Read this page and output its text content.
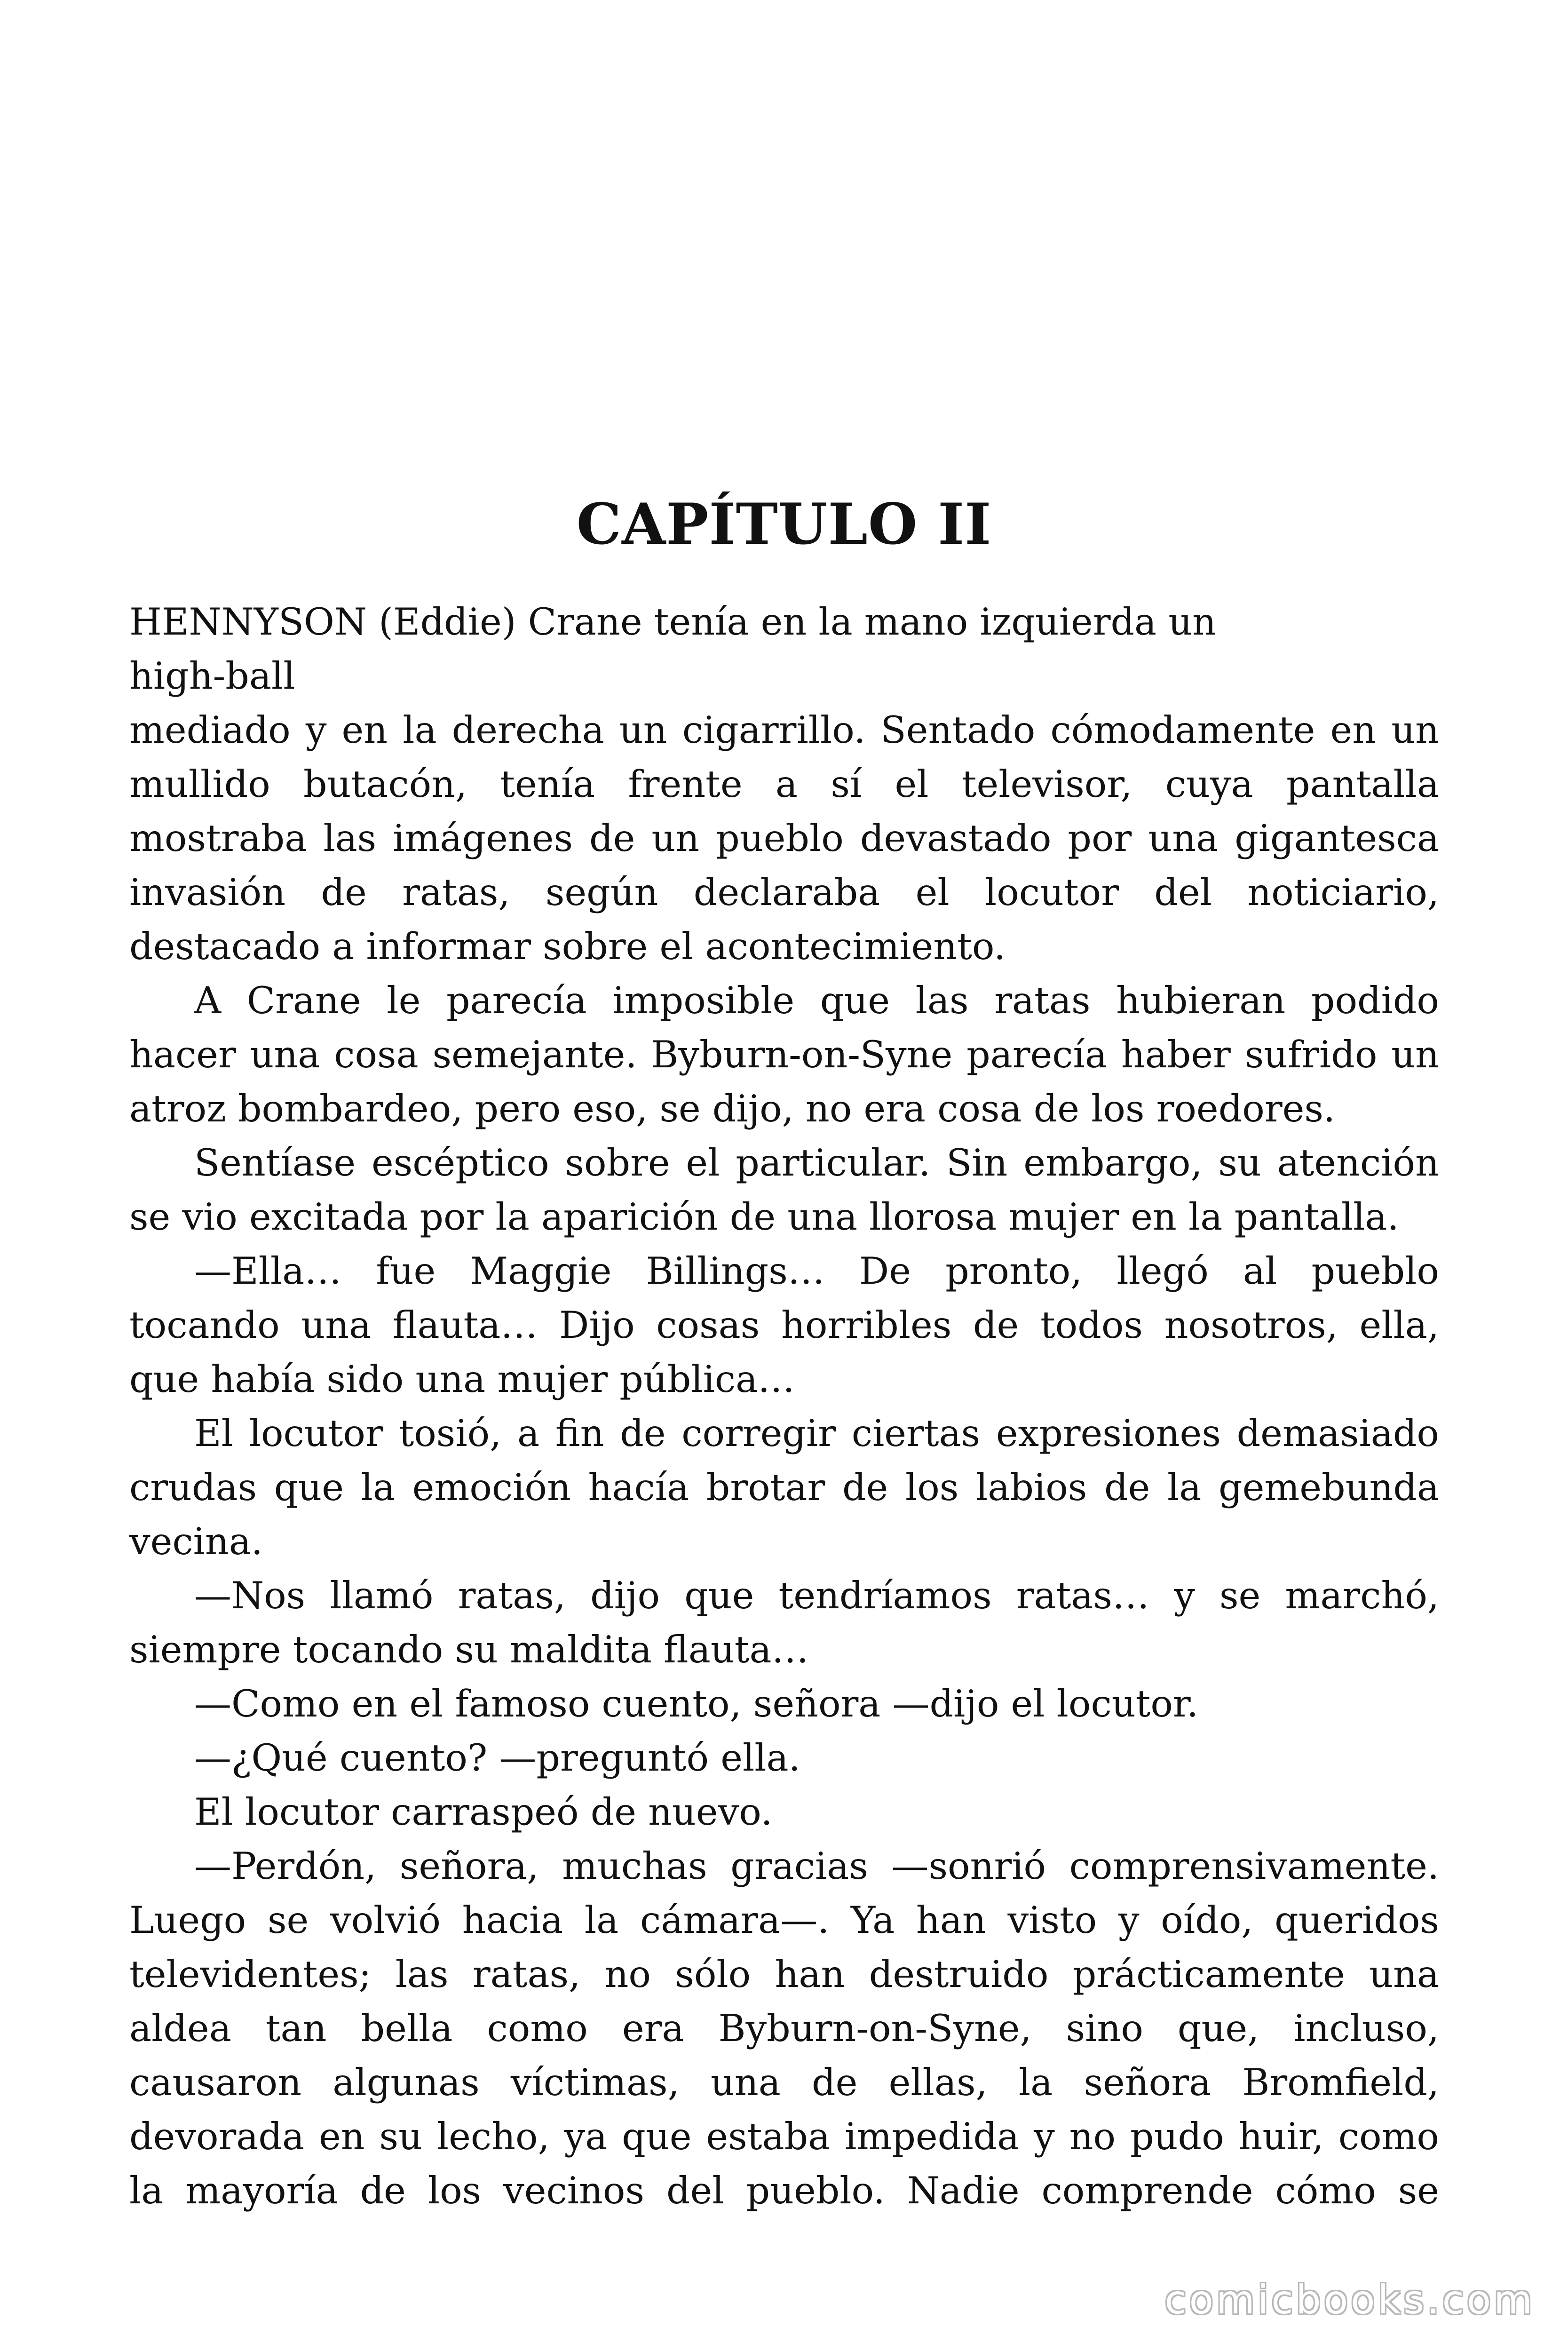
CAPÍTULO II
HENNYSON (Eddie) Crane tenía en la mano izquierda un
high-ball
mediado y en la derecha un cigarrillo. Sentado cómodamente en un
mullido butacón, tenía frente a sí el televisor, cuya pantalla
mostraba las imágenes de un pueblo devastado por una gigantesca
invasión de ratas, según declaraba el locutor del noticiario,
destacado a informar sobre el acontecimiento.
A Crane le parecía imposible que las ratas hubieran podido
hacer una cosa semejante. Byburn-on-Syne parecía haber sufrido un
atroz bombardeo, pero eso, se dijo, no era cosa de los roedores.
Sentíase escéptico sobre el particular. Sin embargo, su atención
se vio excitada por la aparición de una llorosa mujer en la pantalla.
—Ella… fue Maggie Billings… De pronto, llegó al pueblo
tocando una flauta… Dijo cosas horribles de todos nosotros, ella,
que había sido una mujer pública…
El locutor tosió, a fin de corregir ciertas expresiones demasiado
crudas que la emoción hacía brotar de los labios de la gemebunda
vecina.
—Nos llamó ratas, dijo que tendríamos ratas… y se marchó,
siempre tocando su maldita flauta…
—Como en el famoso cuento, señora —dijo el locutor.
—¿Qué cuento? —preguntó ella.
El locutor carraspeó de nuevo.
—Perdón, señora, muchas gracias —sonrió comprensivamente.
Luego se volvió hacia la cámara—. Ya han visto y oído, queridos
televidentes; las ratas, no sólo han destruido prácticamente una
aldea tan bella como era Byburn-on-Syne, sino que, incluso,
causaron algunas víctimas, una de ellas, la señora Bromfield,
devorada en su lecho, ya que estaba impedida y no pudo huir, como
la mayoría de los vecinos del pueblo. Nadie comprende cómo se
comicbooks.com
